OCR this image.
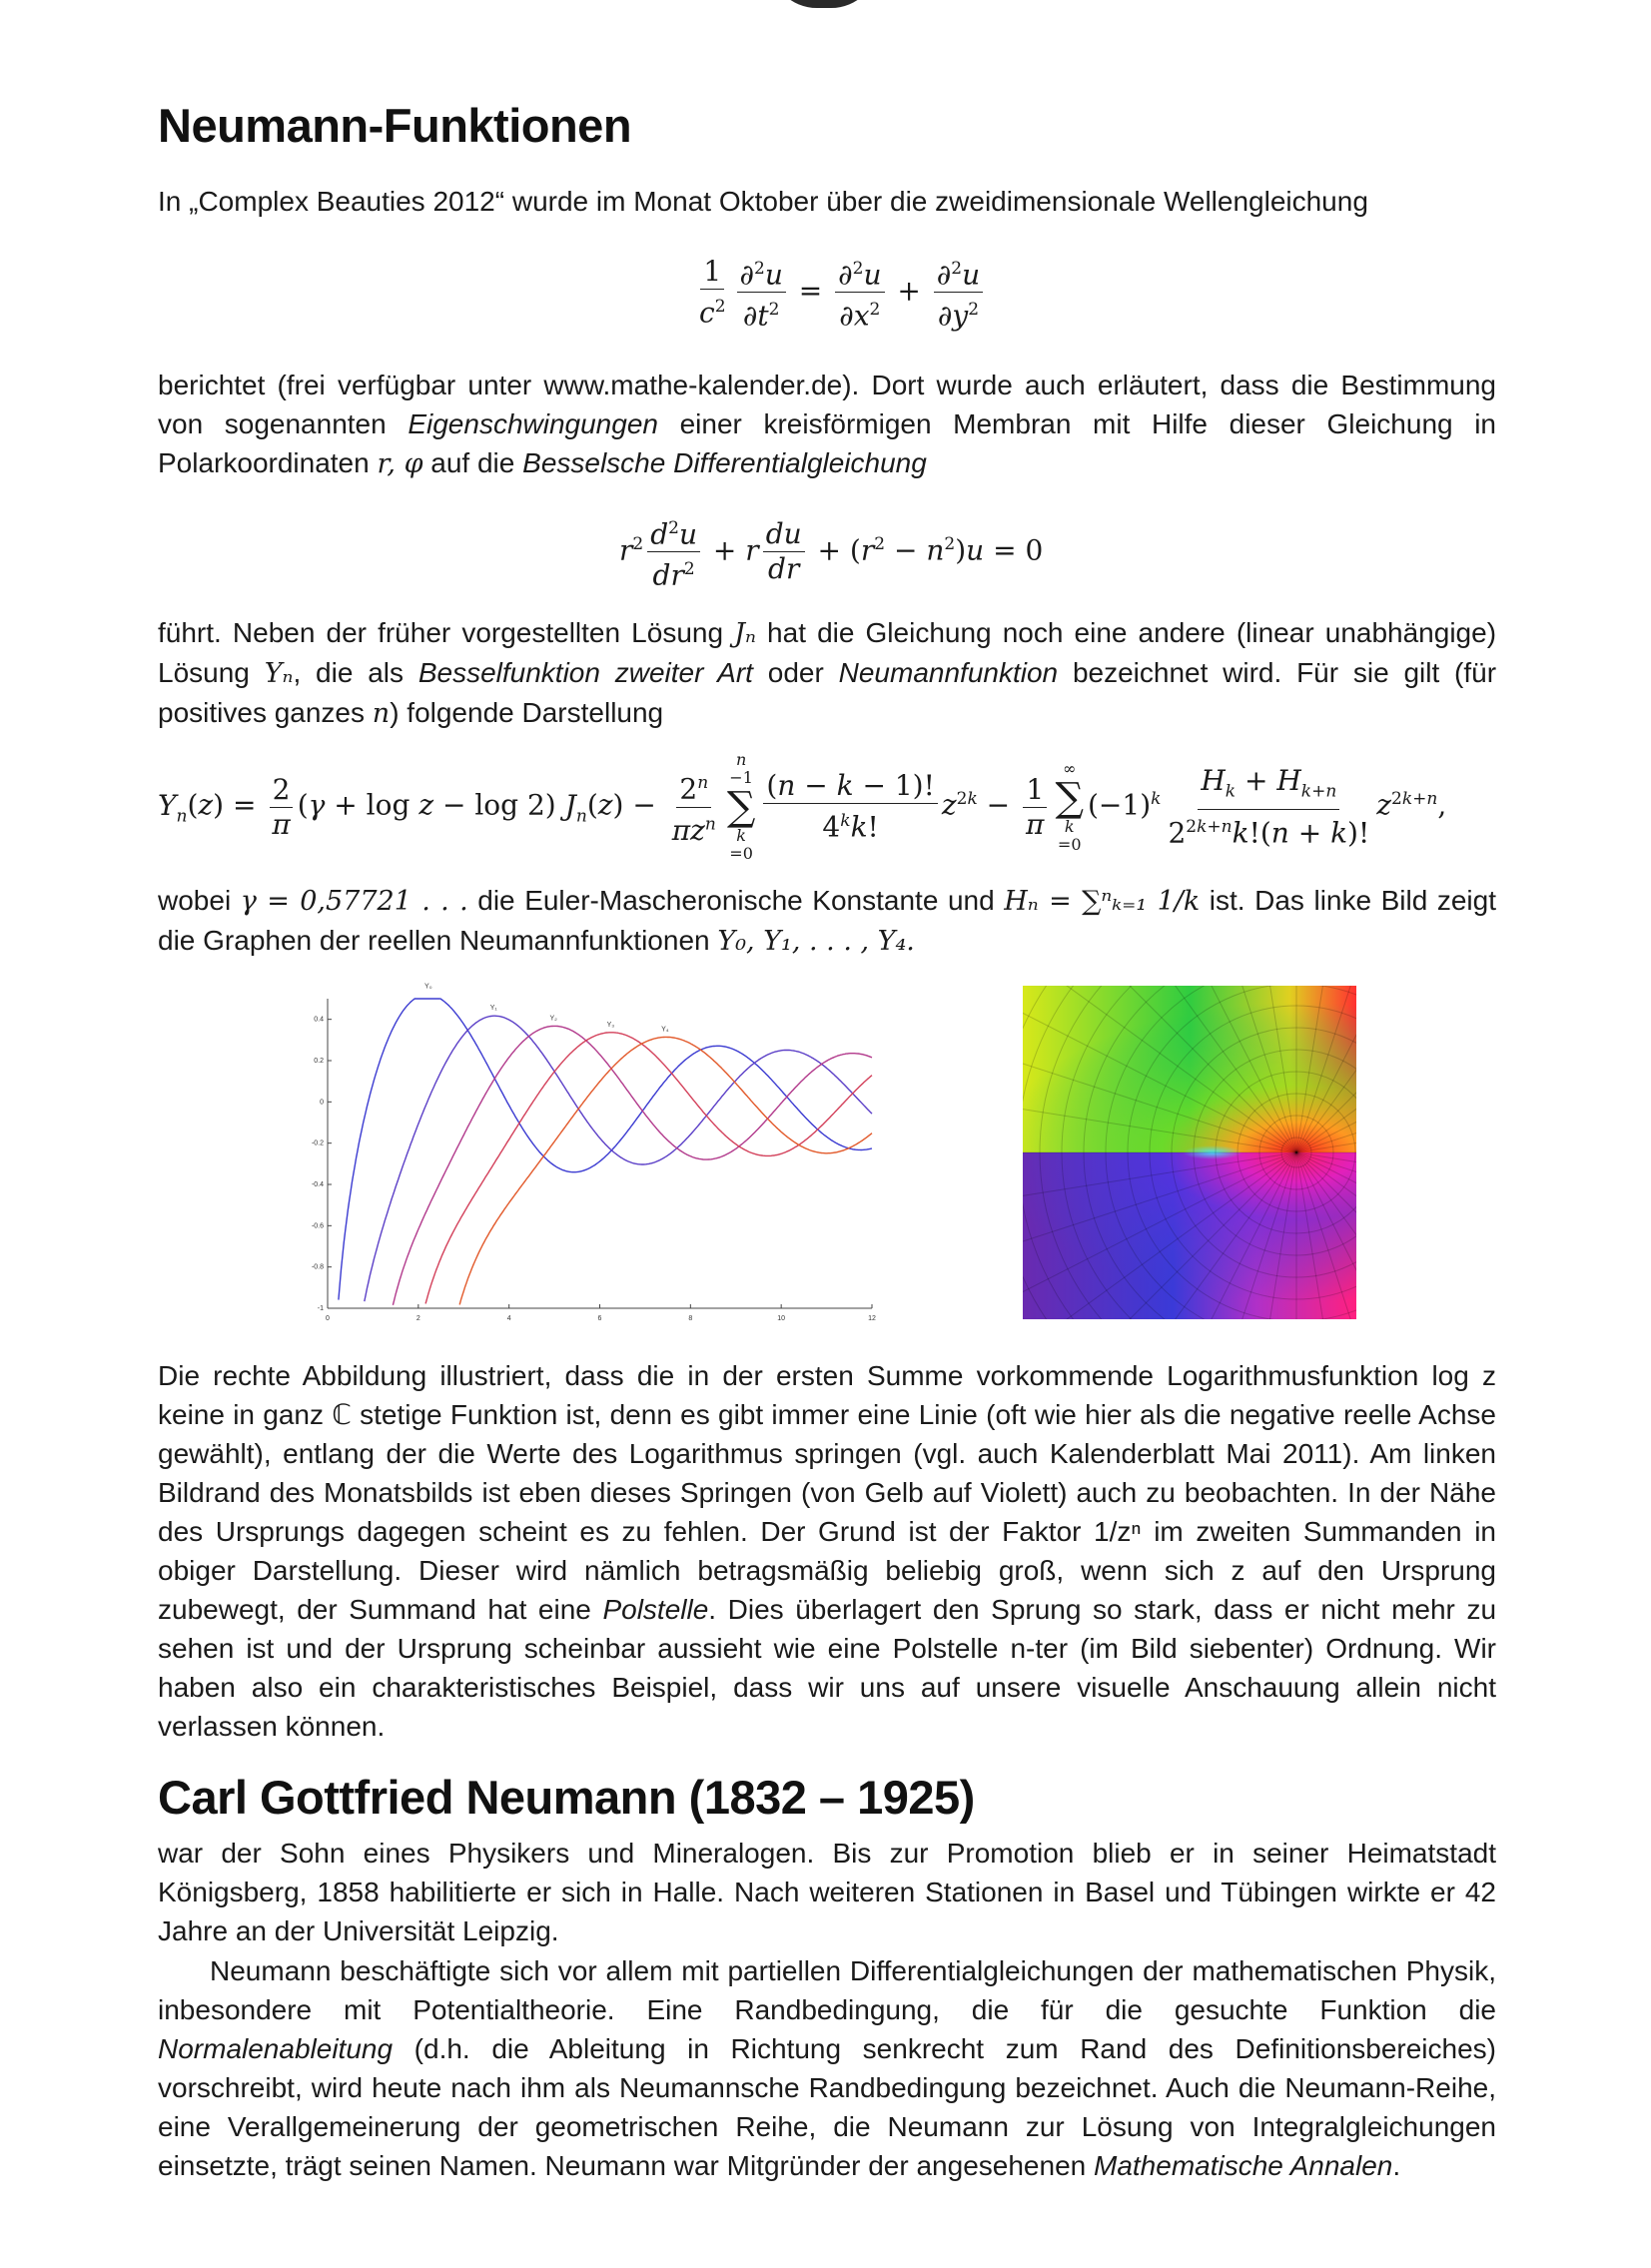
Neumann-Funktionen
In „Complex Beauties 2012“ wurde im Monat Oktober über die zweidimensionale Wellengleichung
$\frac{1}{c^2} \frac{\partial^2u}{\partial t^2} = \frac{\partial^2u}{\partial x^2} + \frac{\partial^2u}{\partial y^2}$
berichtet (frei verfügbar unter www.mathe-kalender.de). Dort wurde auch erläutert, dass die Bestimmung von sogenannten Eigenschwingungen einer kreisförmigen Membran mit Hilfe dieser Gleichung in Polarkoordinaten r, φ auf die Besselsche Differentialgleichung
$r^2 \frac{d^2u}{dr^2} + r \frac{du}{dr} + (r^2 - n^2)u = 0$
führt. Neben der früher vorgestellten Lösung Jₙ hat die Gleichung noch eine andere (linear unabhängige) Lösung Yₙ, die als Besselfunktion zweiter Art oder Neumannfunktion bezeichnet wird. Für sie gilt (für positives ganzes n) folgende Darstellung
$Y_n(z) = \frac{2}{\pi} (\gamma + \log z - \log 2) J_n(z) - \frac{2^n}{\pi z^n}$
n
−1
∑
k
=0
$\frac{(n - k - 1)!}{4^kk!} z^{2k} - \frac{1}{\pi}$
∞
∑
k
$=0(-1)^k \frac{H_k + H_{k+n}}{2^{2k+n}k!(n + k)!} z^{2k+n}$,
wobei γ = 0,57721 . . . die Euler-Mascheronische Konstante und Hₙ = ∑ⁿₖ₌₁ 1/k ist. Das linke Bild zeigt die Graphen der reellen Neumannfunktionen Y₀, Y₁, . . . , Y₄.
0	2	4	6	8	10	12
0.4
0.2
0
-0.2
-0.4
-0.6
-0.8
-1
Y₀
Y₁
Y₂
Y₃
Y₄
Die rechte Abbildung illustriert, dass die in der ersten Summe vorkommende Logarithmusfunktion log z keine in ganz ℂ stetige Funktion ist, denn es gibt immer eine Linie (oft wie hier als die negative reelle Achse gewählt), entlang der die Werte des Logarithmus springen (vgl. auch Kalenderblatt Mai 2011). Am linken Bildrand des Monatsbilds ist eben dieses Springen (von Gelb auf Violett) auch zu beobachten. In der Nähe des Ursprungs dagegen scheint es zu fehlen. Der Grund ist der Faktor 1/zⁿ im zweiten Summanden in obiger Darstellung. Dieser wird nämlich betragsmäßig beliebig groß, wenn sich z auf den Ursprung zubewegt, der Summand hat eine Polstelle. Dies überlagert den Sprung so stark, dass er nicht mehr zu sehen ist und der Ursprung scheinbar aussieht wie eine Polstelle n-ter (im Bild siebenter) Ordnung. Wir haben also ein charakteristisches Beispiel, dass wir uns auf unsere visuelle Anschauung allein nicht verlassen können.
Carl Gottfried Neumann (1832 – 1925)
war der Sohn eines Physikers und Mineralogen. Bis zur Promotion blieb er in seiner Heimatstadt Königsberg, 1858 habilitierte er sich in Halle. Nach weiteren Stationen in Basel und Tübingen wirkte er 42 Jahre an der Universität Leipzig.
Neumann beschäftigte sich vor allem mit partiellen Differentialgleichungen der mathematischen Physik, inbesondere mit Potentialtheorie. Eine Randbedingung, die für die gesuchte Funktion die Normalenableitung (d.h. die Ableitung in Richtung senkrecht zum Rand des Definitionsbereiches) vorschreibt, wird heute nach ihm als Neumannsche Randbedingung bezeichnet. Auch die Neumann-Reihe, eine Verallgemeinerung der geometrischen Reihe, die Neumann zur Lösung von Integralgleichungen einsetzte, trägt seinen Namen. Neumann war Mitgründer der angesehenen Mathematische Annalen.
